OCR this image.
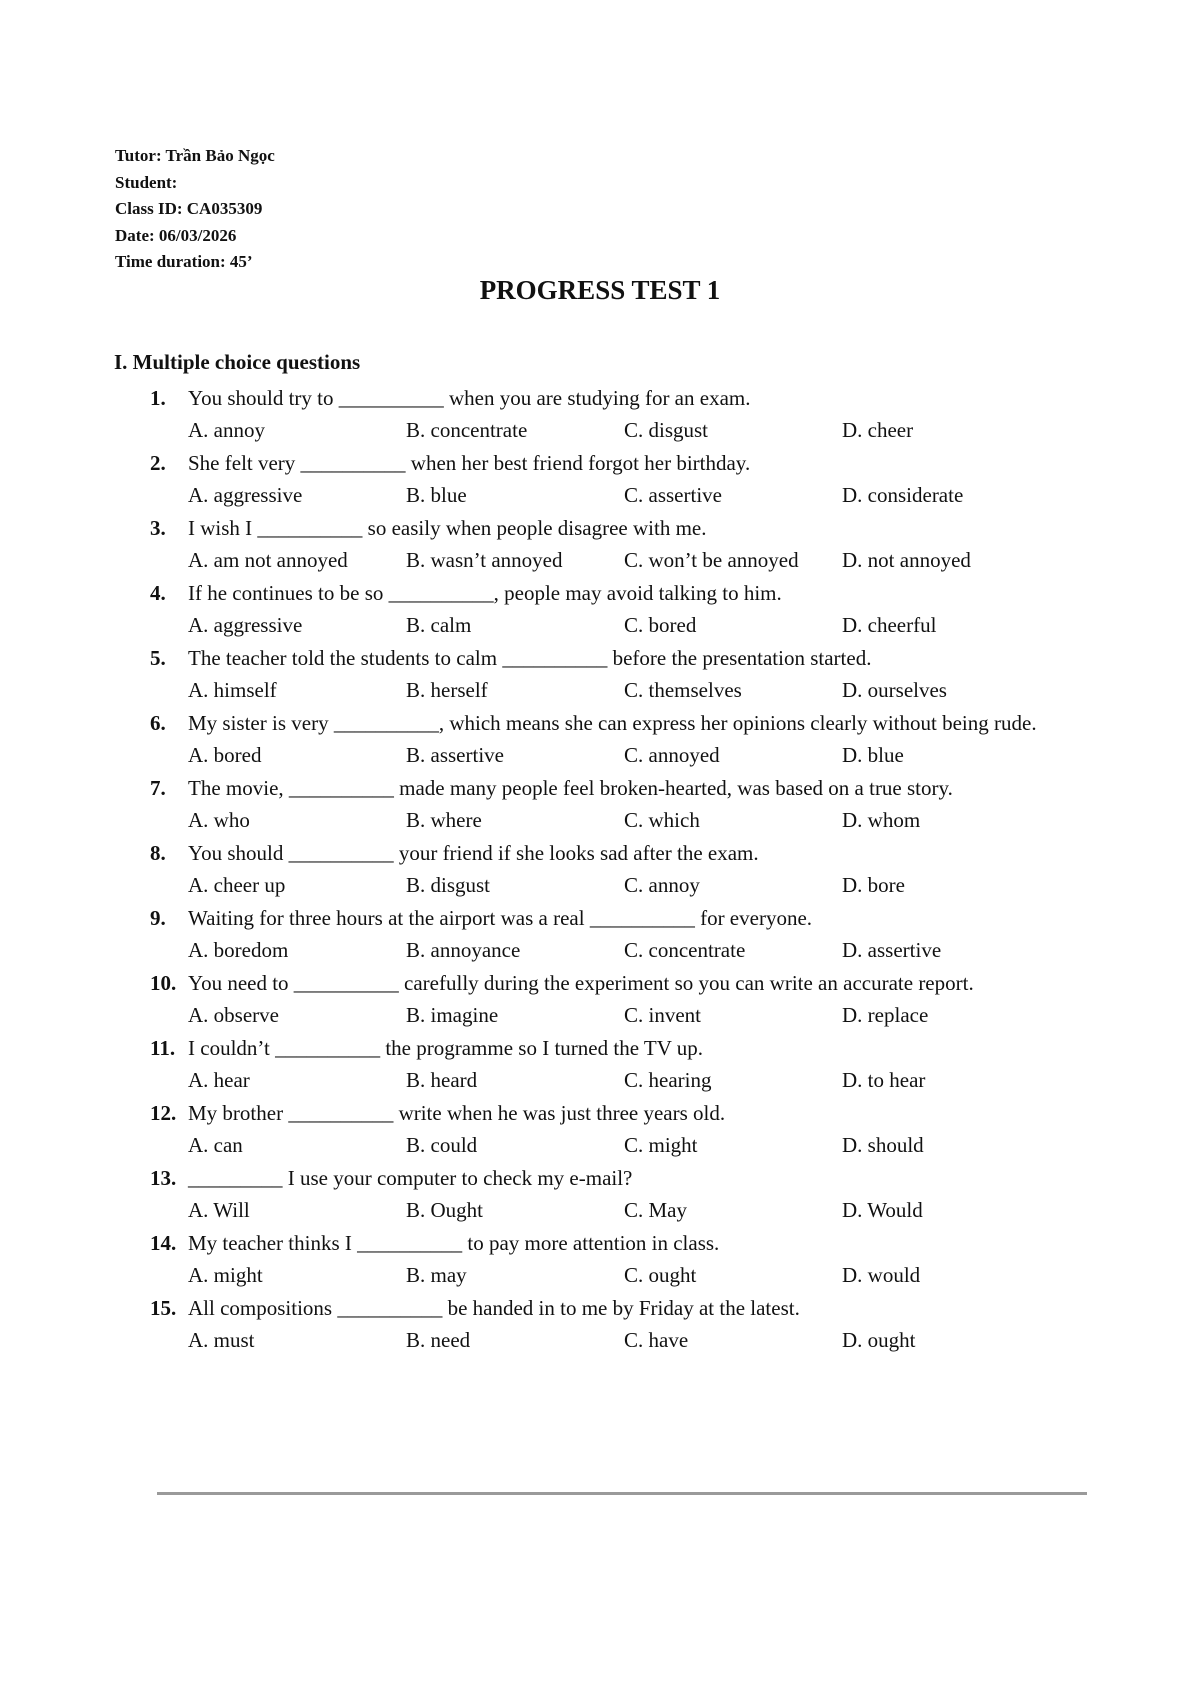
Tutor: Trần Bảo Ngọc
Student:
Class ID: CA035309
Date: 06/03/2026
Time duration: 45’
PROGRESS TEST 1
I. Multiple choice questions
1.	You should try to __________ when you are studying for an exam.
A. annoy	B. concentrate	C. disgust	D. cheer
2.	She felt very __________ when her best friend forgot her birthday.
A. aggressive	B. blue	C. assertive	D. considerate
3.	I wish I __________ so easily when people disagree with me.
A. am not annoyed	B. wasn’t annoyed	C. won’t be annoyed	D. not annoyed
4.	If he continues to be so __________, people may avoid talking to him.
A. aggressive	B. calm	C. bored	D. cheerful
5.	The teacher told the students to calm __________ before the presentation started.
A. himself	B. herself	C. themselves	D. ourselves
6.	My sister is very __________, which means she can express her opinions clearly without being rude.
A. bored	B. assertive	C. annoyed	D. blue
7.	The movie, __________ made many people feel broken-hearted, was based on a true story.
A. who	B. where	C. which	D. whom
8.	You should __________ your friend if she looks sad after the exam.
A. cheer up	B. disgust	C. annoy	D. bore
9.	Waiting for three hours at the airport was a real __________ for everyone.
A. boredom	B. annoyance	C. concentrate	D. assertive
10. You need to __________ carefully during the experiment so you can write an accurate report.
A. observe	B. imagine	C. invent	D. replace
11. I couldn’t __________ the programme so I turned the TV up.
A. hear	B. heard	C. hearing	D. to hear
12. My brother __________ write when he was just three years old.
A. can	B. could	C. might	D. should
13. _________ I use your computer to check my e-mail?
A. Will	B. Ought	C. May	D. Would
14. My teacher thinks I __________ to pay more attention in class.
A. might	B. may	C. ought	D. would
15. All compositions __________ be handed in to me by Friday at the latest.
A. must	B. need	C. have	D. ought
